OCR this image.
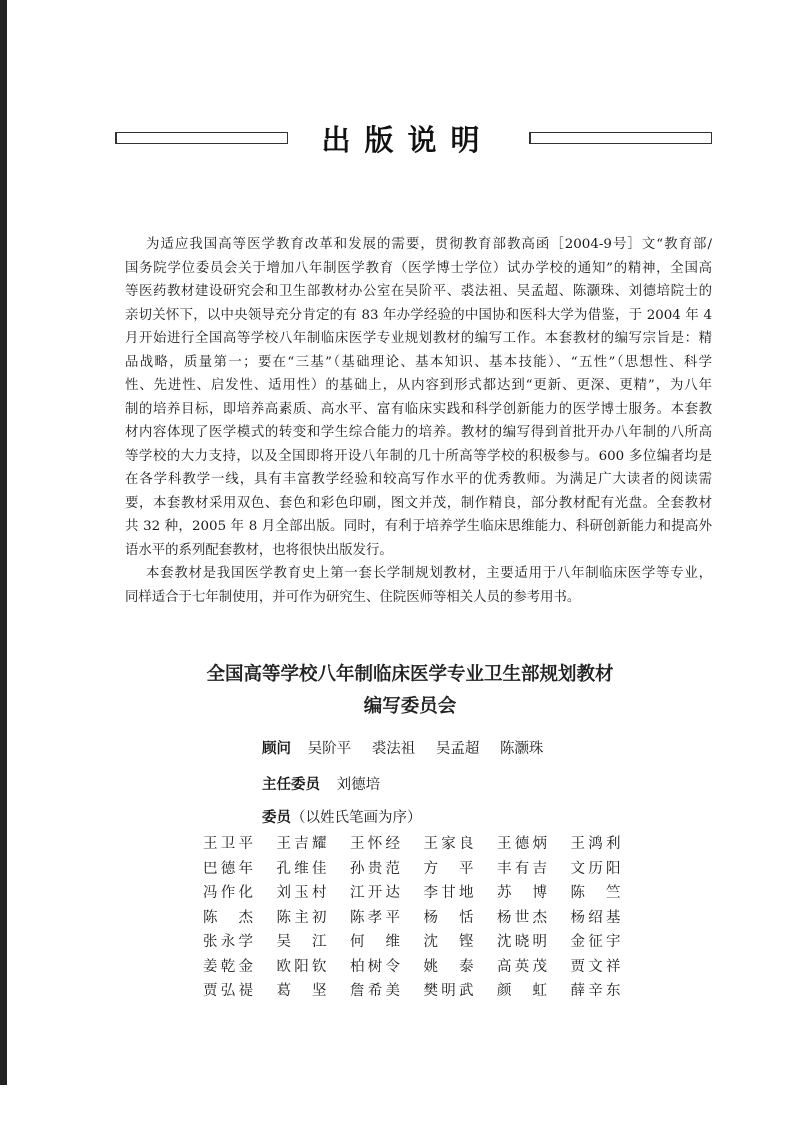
出版说明
为适应我国高等医学教育改革和发展的需要，贯彻教育部教高函［2004-9号］文“教育部/
国务院学位委员会关于增加八年制医学教育（医学博士学位）试办学校的通知”的精神，全国高
等医药教材建设研究会和卫生部教材办公室在吴阶平、裘法祖、吴孟超、陈灏珠、刘德培院士的
亲切关怀下，以中央领导充分肯定的有 83 年办学经验的中国协和医科大学为借鉴，于 2004 年 4
月开始进行全国高等学校八年制临床医学专业规划教材的编写工作。本套教材的编写宗旨是：精
品战略，质量第一；要在“三基”（基础理论、基本知识、基本技能）、“五性”（思想性、科学
性、先进性、启发性、适用性）的基础上，从内容到形式都达到“更新、更深、更精”，为八年
制的培养目标，即培养高素质、高水平、富有临床实践和科学创新能力的医学博士服务。本套教
材内容体现了医学模式的转变和学生综合能力的培养。教材的编写得到首批开办八年制的八所高
等学校的大力支持，以及全国即将开设八年制的几十所高等学校的积极参与。600 多位编者均是
在各学科教学一线，具有丰富教学经验和较高写作水平的优秀教师。为满足广大读者的阅读需
要，本套教材采用双色、套色和彩色印刷，图文并茂，制作精良，部分教材配有光盘。全套教材
共 32 种，2005 年 8 月全部出版。同时，有利于培养学生临床思维能力、科研创新能力和提高外
语水平的系列配套教材，也将很快出版发行。
本套教材是我国医学教育史上第一套长学制规划教材，主要适用于八年制临床医学等专业，
同样适合于七年制使用，并可作为研究生、住院医师等相关人员的参考用书。
全国高等学校八年制临床医学专业卫生部规划教材
编写委员会
顾问 吴阶平 裘法祖 吴孟超 陈灏珠
主任委员 刘德培
委员（以姓氏笔画为序）
王卫平 王吉耀 王怀经 王家良 王德炳 王鸿利
巴德年 孔维佳 孙贵范 方平 丰有吉 文历阳
冯作化 刘玉村 江开达 李甘地 苏博 陈竺
陈杰 陈主初 陈孝平 杨恬 杨世杰 杨绍基
张永学 吴江 何维 沈铿 沈晓明 金征宇
姜乾金 欧阳钦 柏树令 姚泰 高英茂 贾文祥
贾弘禔 葛坚 詹希美 樊明武 颜虹 薛辛东
